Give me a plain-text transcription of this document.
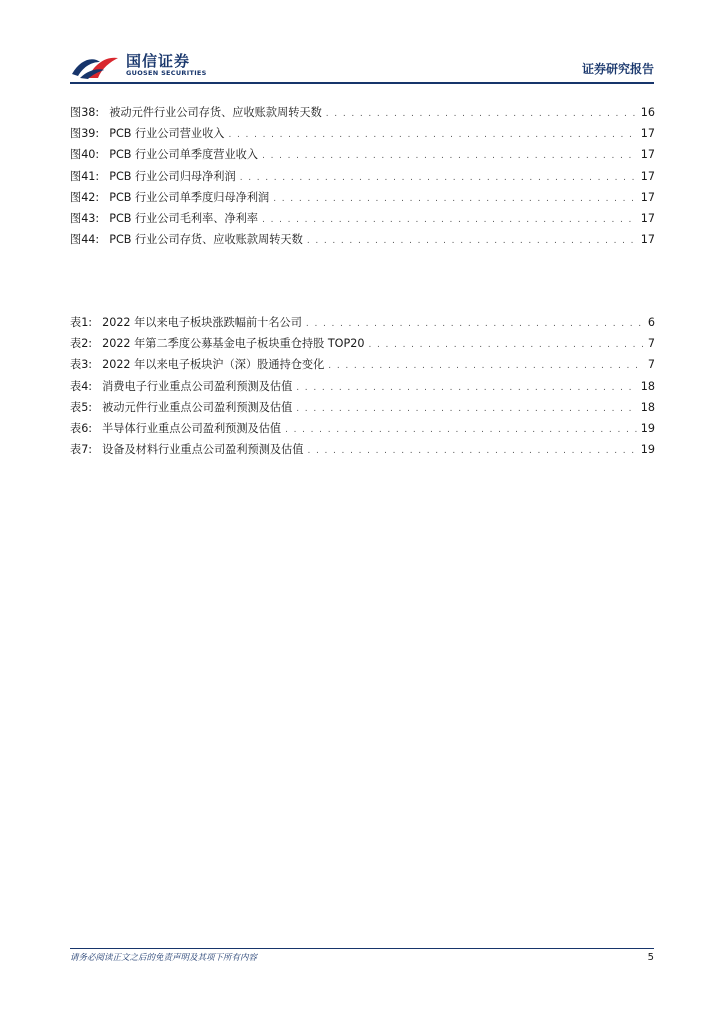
国信证券
GUOSEN SECURITIES	证券研究报告
图38: 被动元件行业公司存货、应收账款周转天数 . . .	16
图39: PCB 行业公司营业收入 . . .	17
图40: PCB 行业公司单季度营业收入 . . .	17
图41: PCB 行业公司归母净利润 . . .	17
图42: PCB 行业公司单季度归母净利润 . . .	17
图43: PCB 行业公司毛利率、净利率 . . .	17
图44: PCB 行业公司存货、应收账款周转天数 . . .	17
表1: 2022 年以来电子板块涨跌幅前十名公司 . . .	6
表2: 2022 年第二季度公募基金电子板块重仓持股 TOP20 . . .	7
表3: 2022 年以来电子板块沪（深）股通持仓变化 . . .	7
表4: 消费电子行业重点公司盈利预测及估值 . . .	18
表5: 被动元件行业重点公司盈利预测及估值 . . .	18
表6: 半导体行业重点公司盈利预测及估值 . . .	19
表7: 设备及材料行业重点公司盈利预测及估值 . . .	19
请务必阅读正文之后的免责声明及其项下所有内容	5
